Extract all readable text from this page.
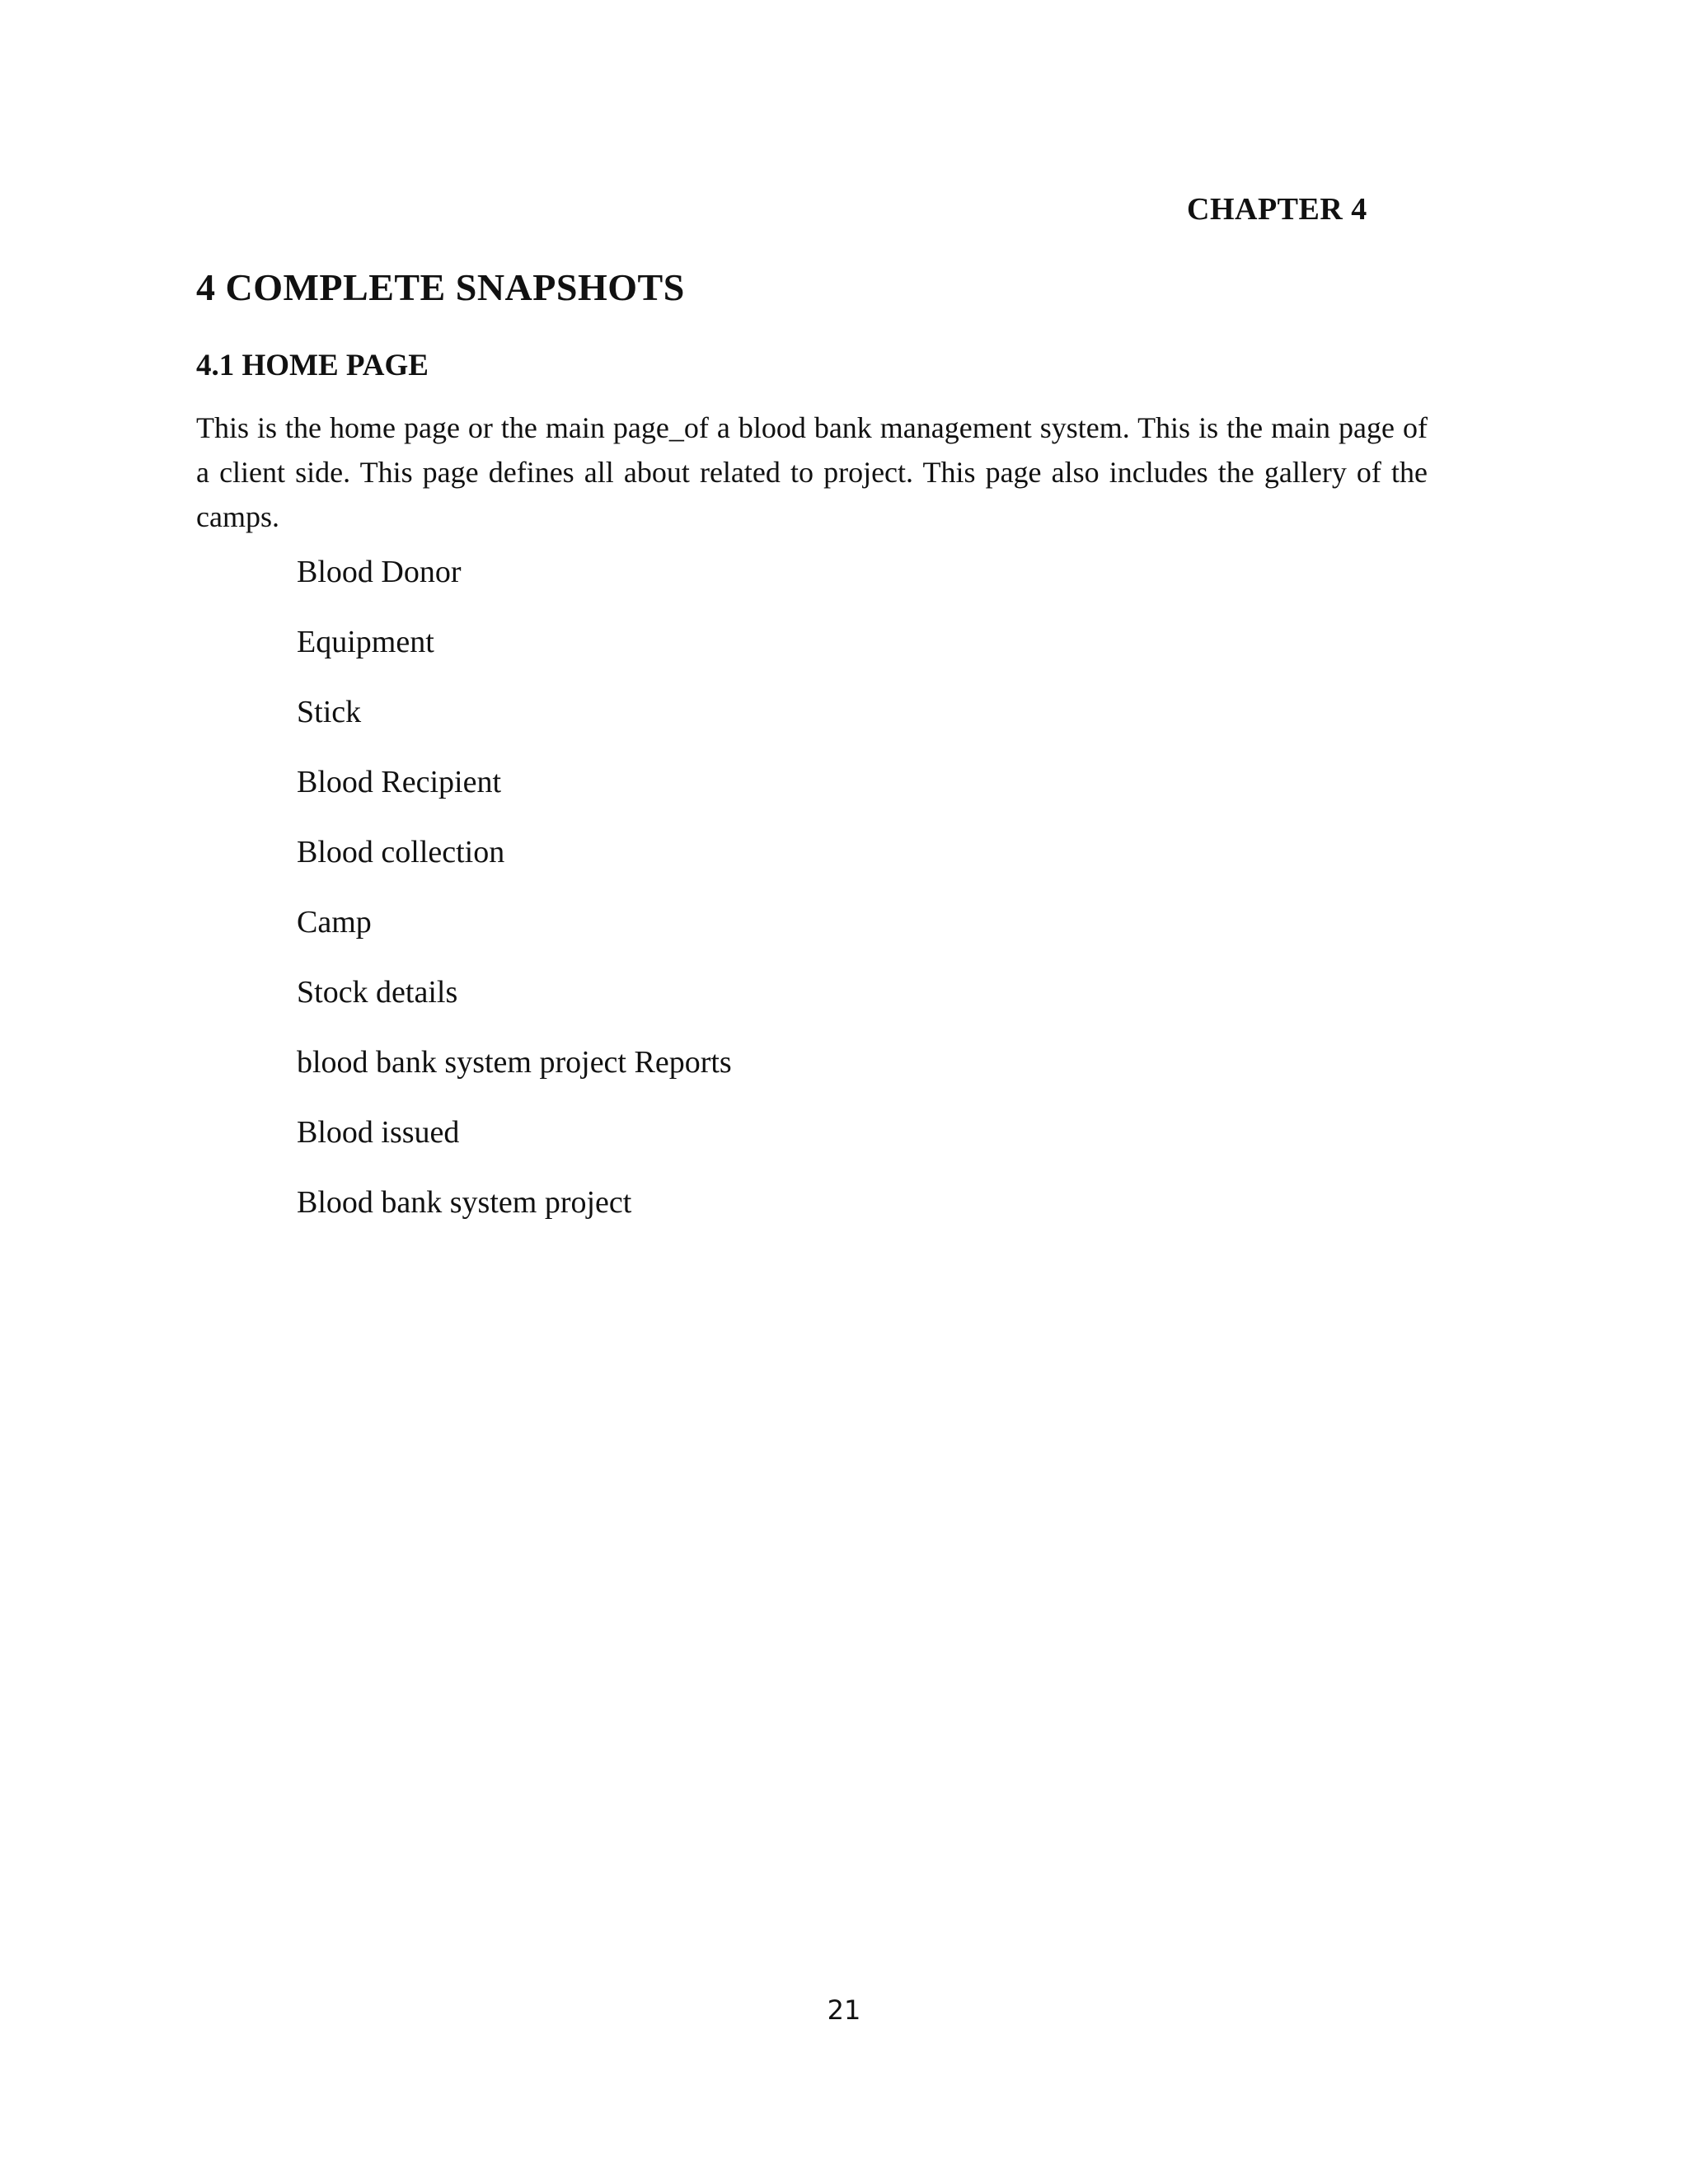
CHAPTER 4
4 COMPLETE SNAPSHOTS
4.1 HOME PAGE

This is the home page or the main page_of a blood bank management system. This is the main page of a client side. This page defines all about related to project. This page also includes the gallery of the camps.

Blood Donor
Equipment
Stick
Blood Recipient
Blood collection
Camp
Stock details
blood bank system project Reports
Blood issued
Blood bank system project
21
